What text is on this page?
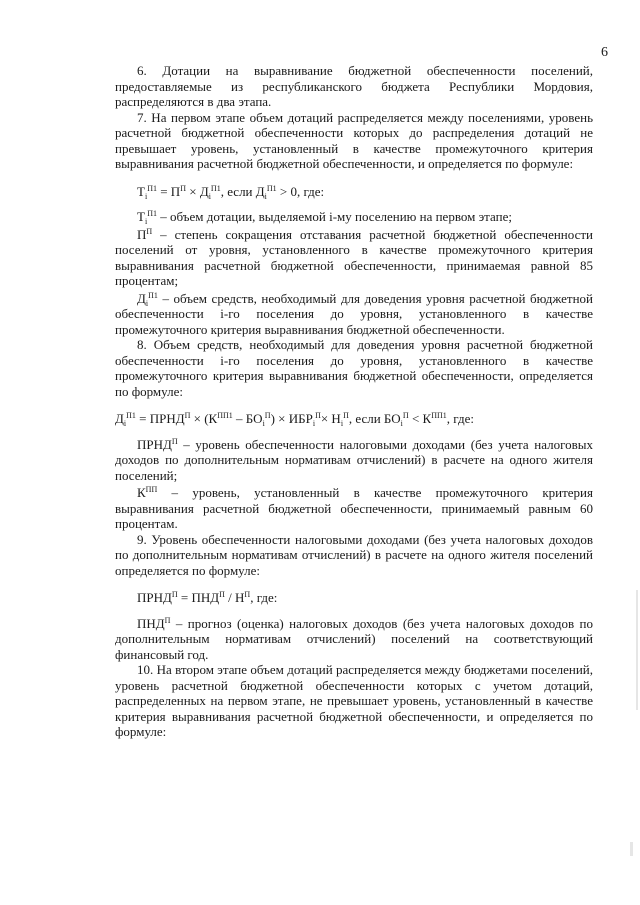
6

6. Дотации на выравнивание бюджетной обеспеченности поселений, предоставляемые из республиканского бюджета Республики Мордовия, распределяются в два этапа.

7. На первом этапе объем дотаций распределяется между поселениями, уровень расчетной бюджетной обеспеченности которых до распределения дотаций не превышает уровень, установленный в качестве промежуточного критерия выравнивания расчетной бюджетной обеспеченности, и определяется по формуле:

$T_i^{П1} = П^П \times Д_i^{П1}$, если $Д_i^{П1} > 0$, где:

$T_i^{П1}$ – объем дотации, выделяемой i-му поселению на первом этапе;

$П^П$ – степень сокращения отставания расчетной бюджетной обеспеченности поселений от уровня, установленного в качестве промежуточного критерия выравнивания расчетной бюджетной обеспеченности, принимаемая равной 85 процентам;

$Д_i^{П1}$ – объем средств, необходимый для доведения уровня расчетной бюджетной обеспеченности i-го поселения до уровня, установленного в качестве промежуточного критерия выравнивания бюджетной обеспеченности.

8. Объем средств, необходимый для доведения уровня расчетной бюджетной обеспеченности i-го поселения до уровня, установленного в качестве промежуточного критерия выравнивания бюджетной обеспеченности, определяется по формуле:

$Д_i^{П1}$ = $ПРНД^П \times (К^{ПП1} - БО_i^П) \times ИБР_i^П\times Н_i^П$, если $БО_i^П < К^{ПП1}$, где:

$ПРНД^П$ – уровень обеспеченности налоговыми доходами (без учета налоговых доходов по дополнительным нормативам отчислений) в расчете на одного жителя поселений;

$К^{ПП}$ – уровень, установленный в качестве промежуточного критерия выравнивания расчетной бюджетной обеспеченности, принимаемый равным 60 процентам.

9. Уровень обеспеченности налоговыми доходами (без учета налоговых доходов по дополнительным нормативам отчислений) в расчете на одного жителя поселений определяется по формуле:

$ПРНД^П = ПНД^П / Н^П$, где:

$ПНД^П$ – прогноз (оценка) налоговых доходов (без учета налоговых доходов по дополнительным нормативам отчислений) поселений на соответствующий финансовый год.

10. На втором этапе объем дотаций распределяется между бюджетами поселений, уровень расчетной бюджетной обеспеченности которых с учетом дотаций, распределенных на первом этапе, не превышает уровень, установленный в качестве критерия выравнивания расчетной бюджетной обеспеченности, и определяется по формуле:
